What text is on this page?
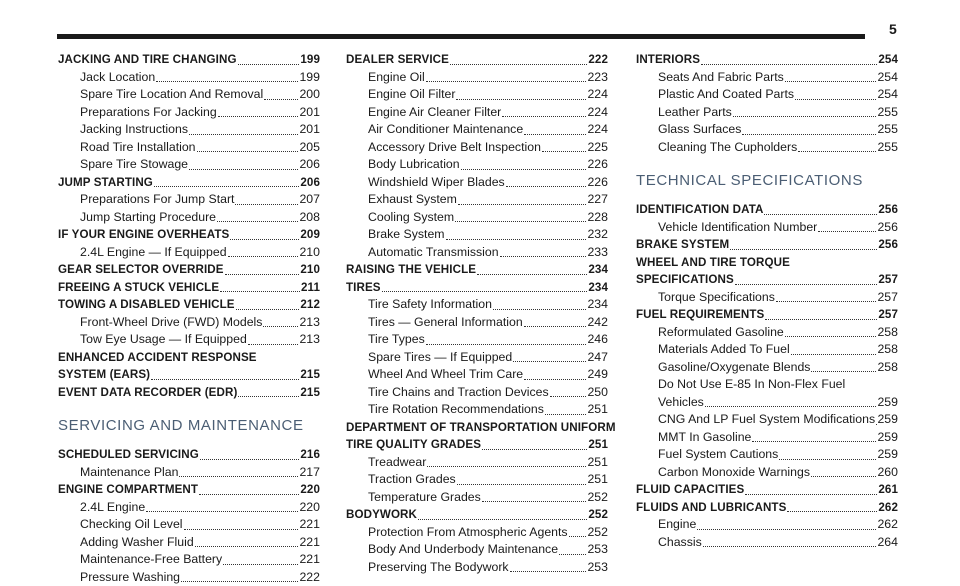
5
JACKING AND TIRE CHANGING	199
Jack Location	199
Spare Tire Location And Removal	200
Preparations For Jacking	201
Jacking Instructions	201
Road Tire Installation	205
Spare Tire Stowage	206
JUMP STARTING	206
Preparations For Jump Start	207
Jump Starting Procedure	208
IF YOUR ENGINE OVERHEATS	209
2.4L Engine — If Equipped	210
GEAR SELECTOR OVERRIDE	210
FREEING A STUCK VEHICLE	211
TOWING A DISABLED VEHICLE	212
Front-Wheel Drive (FWD) Models	213
Tow Eye Usage — If Equipped	213
ENHANCED ACCIDENT RESPONSE
SYSTEM (EARS)	215
EVENT DATA RECORDER (EDR)	215
SERVICING AND MAINTENANCE
SCHEDULED SERVICING	216
Maintenance Plan	217
ENGINE COMPARTMENT	220
2.4L Engine	220
Checking Oil Level	221
Adding Washer Fluid	221
Maintenance-Free Battery	221
Pressure Washing	222
DEALER SERVICE	222
Engine Oil	223
Engine Oil Filter	224
Engine Air Cleaner Filter	224
Air Conditioner Maintenance	224
Accessory Drive Belt Inspection	225
Body Lubrication	226
Windshield Wiper Blades	226
Exhaust System	227
Cooling System	228
Brake System	232
Automatic Transmission	233
RAISING THE VEHICLE	234
TIRES	234
Tire Safety Information	234
Tires — General Information	242
Tire Types	246
Spare Tires — If Equipped	247
Wheel And Wheel Trim Care	249
Tire Chains and Traction Devices	250
Tire Rotation Recommendations	251
DEPARTMENT OF TRANSPORTATION UNIFORM
TIRE QUALITY GRADES	251
Treadwear	251
Traction Grades	251
Temperature Grades	252
BODYWORK	252
Protection From Atmospheric Agents 252
Body And Underbody Maintenance 253
Preserving The Bodywork	253
INTERIORS	254
Seats And Fabric Parts	254
Plastic And Coated Parts	254
Leather Parts	255
Glass Surfaces	255
Cleaning The Cupholders	255
TECHNICAL SPECIFICATIONS
IDENTIFICATION DATA	256
Vehicle Identification Number	256
BRAKE SYSTEM	256
WHEEL AND TIRE TORQUE
SPECIFICATIONS	257
Torque Specifications	257
FUEL REQUIREMENTS	257
Reformulated Gasoline	258
Materials Added To Fuel	258
Gasoline/Oxygenate Blends	258
Do Not Use E-85 In Non-Flex Fuel
Vehicles	259
CNG And LP Fuel System Modifications 259
MMT In Gasoline	259
Fuel System Cautions	259
Carbon Monoxide Warnings	260
FLUID CAPACITIES	261
FLUIDS AND LUBRICANTS	262
Engine	262
Chassis	264
